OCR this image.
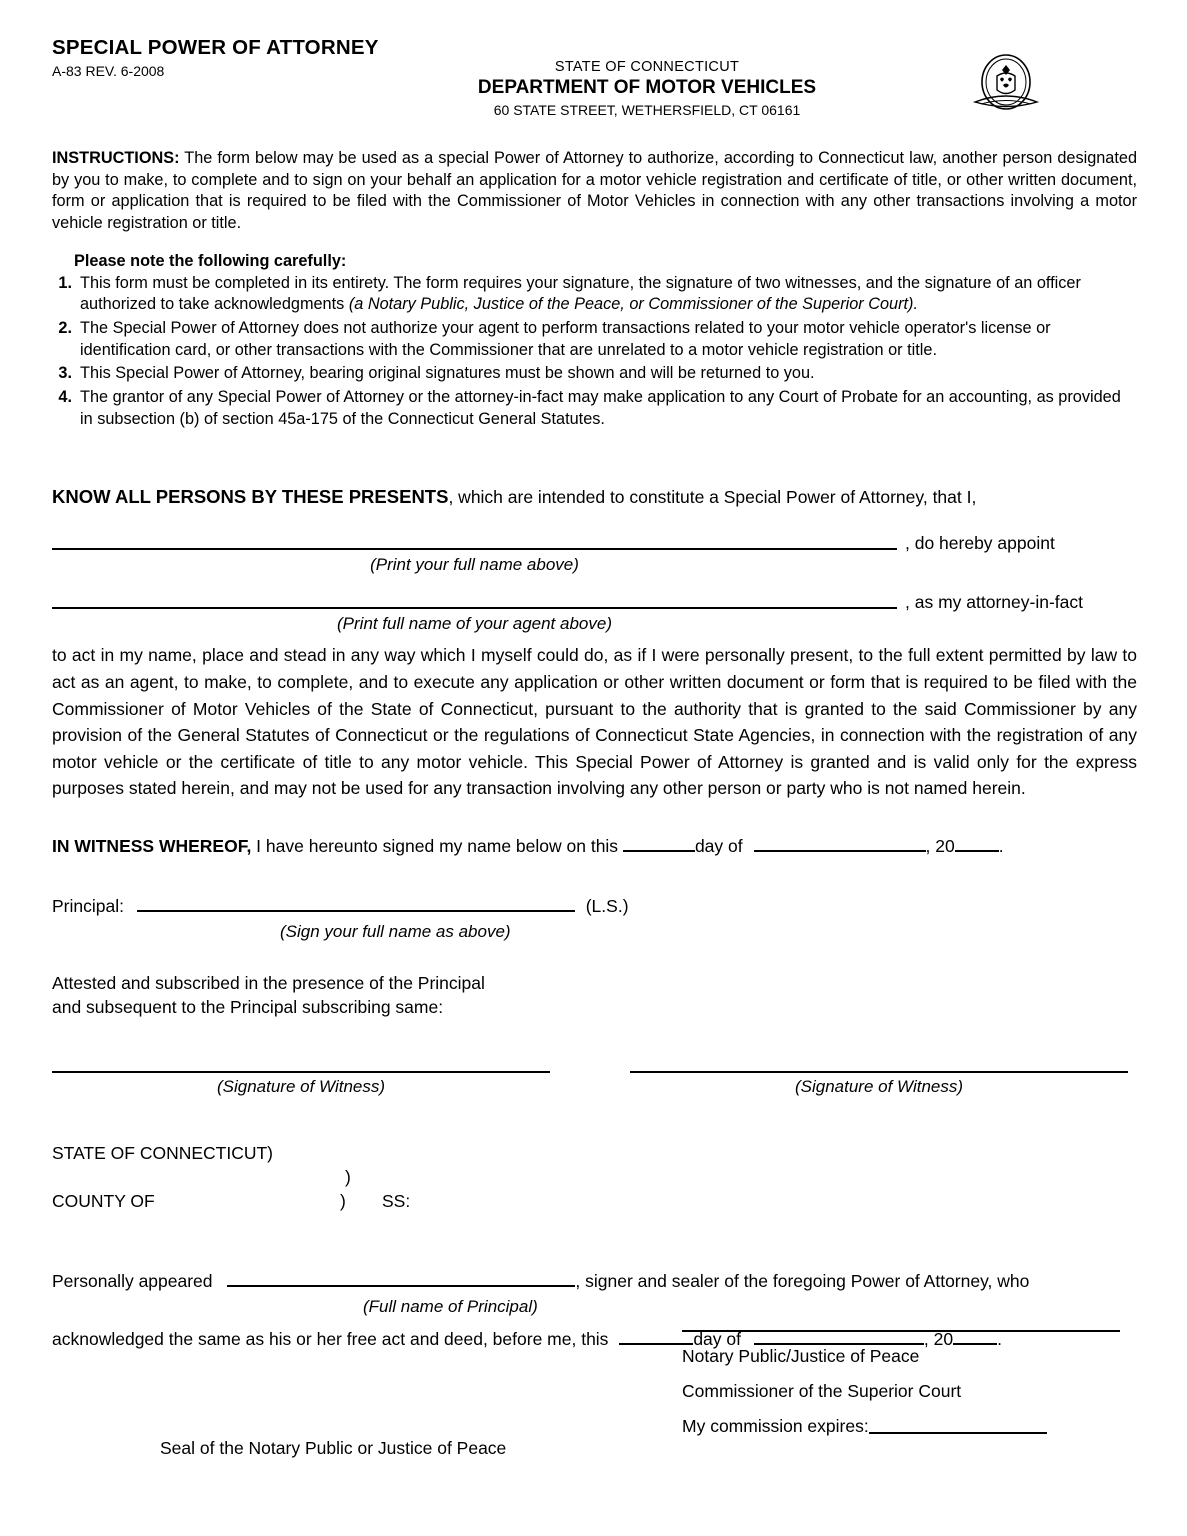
SPECIAL POWER OF ATTORNEY
A-83 REV. 6-2008	STATE OF CONNECTICUT
DEPARTMENT OF MOTOR VEHICLES
60 STATE STREET, WETHERSFIELD, CT 06161
INSTRUCTIONS: The form below may be used as a special Power of Attorney to authorize, according to Connecticut law, another person designated by you to make, to complete and to sign on your behalf an application for a motor vehicle registration and certificate of title, or other written document, form or application that is required to be filed with the Commissioner of Motor Vehicles in connection with any other transactions involving a motor vehicle registration or title.
Please note the following carefully:
1. This form must be completed in its entirety. The form requires your signature, the signature of two witnesses, and the signature of an officer authorized to take acknowledgments (a Notary Public, Justice of the Peace, or Commissioner of the Superior Court).
2. The Special Power of Attorney does not authorize your agent to perform transactions related to your motor vehicle operator's license or identification card, or other transactions with the Commissioner that are unrelated to a motor vehicle registration or title.
3. This Special Power of Attorney, bearing original signatures must be shown and will be returned to you.
4. The grantor of any Special Power of Attorney or the attorney-in-fact may make application to any Court of Probate for an accounting, as provided in subsection (b) of section 45a-175 of the Connecticut General Statutes.
KNOW ALL PERSONS BY THESE PRESENTS, which are intended to constitute a Special Power of Attorney, that I,
, do hereby appoint
(Print your full name above)
, as my attorney-in-fact
(Print full name of your agent above)
to act in my name, place and stead in any way which I myself could do, as if I were personally present, to the full extent permitted by law to act as an agent, to make, to complete, and to execute any application or other written document or form that is required to be filed with the Commissioner of Motor Vehicles of the State of Connecticut, pursuant to the authority that is granted to the said Commissioner by any provision of the General Statutes of Connecticut or the regulations of Connecticut State Agencies, in connection with the registration of any motor vehicle or the certificate of title to any motor vehicle. This Special Power of Attorney is granted and is valid only for the express purposes stated herein, and may not be used for any transaction involving any other person or party who is not named herein.
IN WITNESS WHEREOF, I have hereunto signed my name below on this	day of	, 20	.
Principal:	(L.S.)
(Sign your full name as above)
Attested and subscribed in the presence of the Principal
and subsequent to the Principal subscribing same:
(Signature of Witness)	(Signature of Witness)
STATE OF CONNECTICUT)
)
COUNTY OF	) SS:
Personally appeared	, signer and sealer of the foregoing Power of Attorney, who
(Full name of Principal)
acknowledged the same as his or her free act and deed, before me, this	day of	, 20	.
Notary Public/Justice of Peace
Commissioner of the Superior Court
My commission expires:
Seal of the Notary Public or Justice of Peace
